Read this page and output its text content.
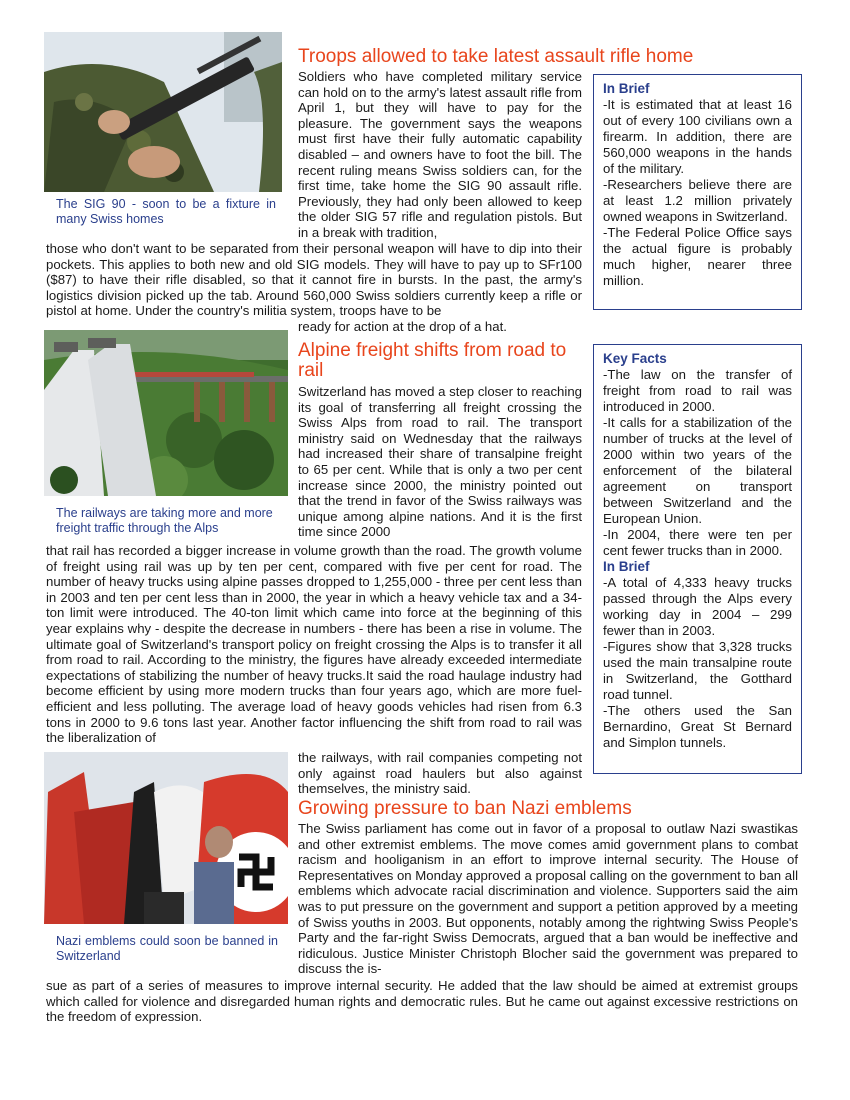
The SIG 90 - soon to be a fixture in many Swiss homes

Troops allowed to take latest assault rifle home

Soldiers who have completed military service can hold on to the army's latest assault rifle from April 1, but they will have to pay for the pleasure. The government says the weapons must first have their fully automatic capability disabled – and owners have to foot the bill. The recent ruling means Swiss soldiers can, for the first time, take home the SIG 90 assault rifle. Previously, they had only been allowed to keep the older SIG 57 rifle and regulation pistols. But in a break with tradition,

those who don't want to be separated from their personal weapon will have to dip into their pockets. This applies to both new and old SIG models. They will have to pay up to SFr100 ($87) to have their rifle disabled, so that it cannot fire in bursts. In the past, the army's logistics division picked up the tab. Around 560,000 Swiss soldiers currently keep a rifle or pistol at home. Under the country's militia system, troops have to be

ready for action at the drop of a hat.

In Brief

-It is estimated that at least 16 out of every 100 civilians own a firearm. In addition, there are 560,000 weapons in the hands of the military.

-Researchers believe there are at least 1.2 million privately owned weapons in Switzerland.

-The Federal Police Office says the actual figure is probably much higher, nearer three million.

The railways are taking more and more freight traffic through the Alps

Alpine freight shifts from road to rail

Switzerland has moved a step closer to reaching its goal of transferring all freight crossing the Swiss Alps from road to rail. The transport ministry said on Wednesday that the railways had increased their share of transalpine freight to 65 per cent. While that is only a two per cent increase since 2000, the ministry pointed out that the trend in favor of the Swiss railways was unique among alpine nations. And it is the first time since 2000

that rail has recorded a bigger increase in volume growth than the road. The growth volume of freight using rail was up by ten per cent, compared with five per cent for road. The number of heavy trucks using alpine passes dropped to 1,255,000 - three per cent less than in 2003 and ten per cent less than in 2000, the year in which a heavy vehicle tax and a 34-ton limit were introduced. The 40-ton limit which came into force at the beginning of this year explains why - despite the decrease in numbers - there has been a rise in volume. The ultimate goal of Switzerland's transport policy on freight crossing the Alps is to transfer it all from road to rail. According to the ministry, the figures have already exceeded intermediate expectations of stabilizing the number of heavy trucks.It said the road haulage industry had become efficient by using more modern trucks than four years ago, which are more fuel-efficient and less polluting. The average load of heavy goods vehicles had risen from 6.3 tons in 2000 to 9.6 tons last year. Another factor influencing the shift from road to rail was the liberalization of

the railways, with rail companies competing not only against road haulers but also against themselves, the ministry said.

Key Facts

-The law on the transfer of freight from road to rail was introduced in 2000.

-It calls for a stabilization of the number of trucks at the level of 2000 within two years of the enforcement of the bilateral agreement on transport between Switzerland and the European Union.

-In 2004, there were ten per cent fewer trucks than in 2000.

In Brief

-A total of 4,333 heavy trucks passed through the Alps every working day in 2004 – 299 fewer than in 2003.

-Figures show that 3,328 trucks used the main transalpine route in Switzerland, the Gotthard road tunnel.

-The others used the San Bernardino, Great St Bernard and Simplon tunnels.

Nazi emblems could soon be banned in Switzerland

Growing pressure to ban Nazi emblems

The Swiss parliament has come out in favor of a proposal to outlaw Nazi swastikas and other extremist emblems. The move comes amid government plans to combat racism and hooliganism in an effort to improve internal security. The House of Representatives on Monday approved a proposal calling on the government to ban all emblems which advocate racial discrimination and violence. Supporters said the aim was to put pressure on the government and support a petition approved by a meeting of Swiss youths in 2003. But opponents, notably among the rightwing Swiss People's Party and the far-right Swiss Democrats, argued that a ban would be ineffective and ridiculous. Justice Minister Christoph Blocher said the government was prepared to discuss the is-

sue as part of a series of measures to improve internal security. He added that the law should be aimed at extremist groups which called for violence and disregarded human rights and democratic rules. But he came out against excessive restrictions on the freedom of expression.
